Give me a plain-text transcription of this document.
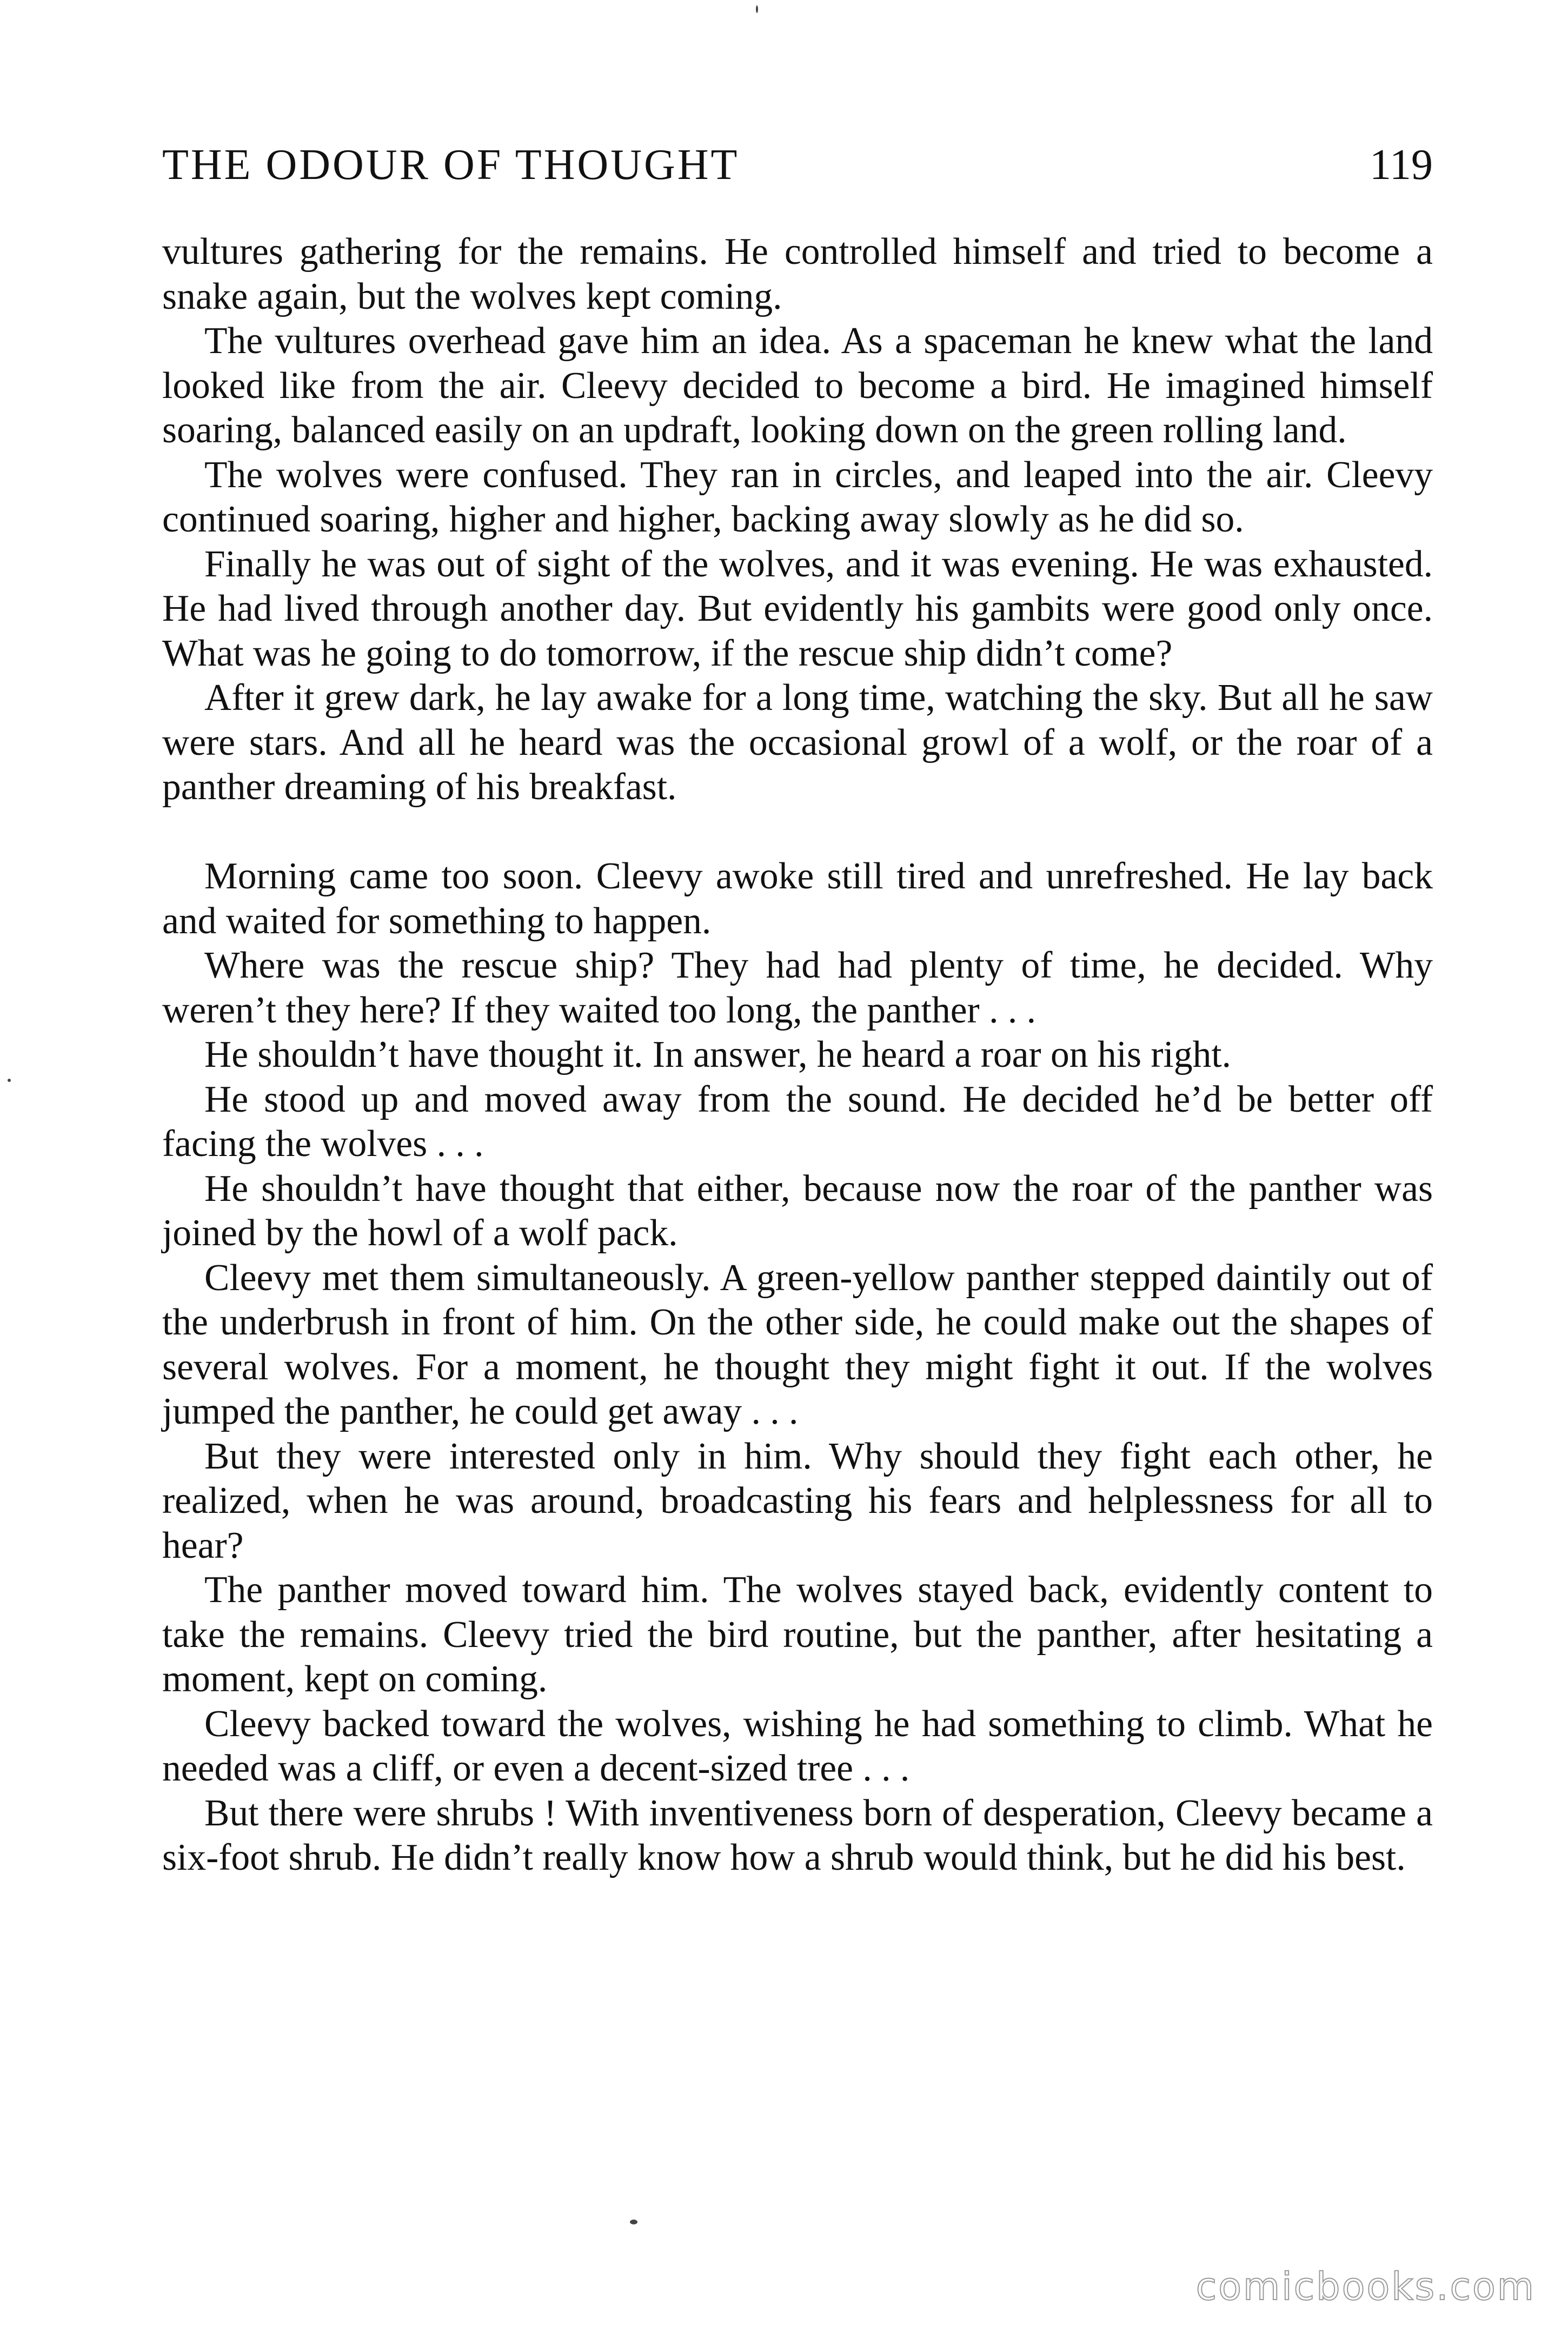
THE ODOUR OF THOUGHT	119

vultures gathering for the remains. He controlled himself and tried to become a snake again, but the wolves kept coming.

The vultures overhead gave him an idea. As a spaceman he knew what the land looked like from the air. Cleevy decided to become a bird. He imagined himself soaring, balanced easily on an updraft, looking down on the green rolling land.

The wolves were confused. They ran in circles, and leaped into the air. Cleevy continued soaring, higher and higher, backing away slowly as he did so.

Finally he was out of sight of the wolves, and it was evening. He was exhausted. He had lived through another day. But evidently his gambits were good only once. What was he going to do tomorrow, if the rescue ship didn’t come?

After it grew dark, he lay awake for a long time, watching the sky. But all he saw were stars. And all he heard was the occasional growl of a wolf, or the roar of a panther dreaming of his breakfast.

Morning came too soon. Cleevy awoke still tired and unrefreshed. He lay back and waited for something to happen.

Where was the rescue ship? They had had plenty of time, he decided. Why weren’t they here? If they waited too long, the panther . . .

He shouldn’t have thought it. In answer, he heard a roar on his right.

He stood up and moved away from the sound. He decided he’d be better off facing the wolves . . .

He shouldn’t have thought that either, because now the roar of the panther was joined by the howl of a wolf pack.

Cleevy met them simultaneously. A green-yellow panther stepped daintily out of the underbrush in front of him. On the other side, he could make out the shapes of several wolves. For a moment, he thought they might fight it out. If the wolves jumped the panther, he could get away . . .

But they were interested only in him. Why should they fight each other, he realized, when he was around, broadcasting his fears and helplessness for all to hear?

The panther moved toward him. The wolves stayed back, evidently content to take the remains. Cleevy tried the bird routine, but the panther, after hesitating a moment, kept on coming.

Cleevy backed toward the wolves, wishing he had something to climb. What he needed was a cliff, or even a decent-sized tree . . .

But there were shrubs ! With inventiveness born of desperation, Cleevy became a six-foot shrub. He didn’t really know how a shrub would think, but he did his best.

comicbooks.com
